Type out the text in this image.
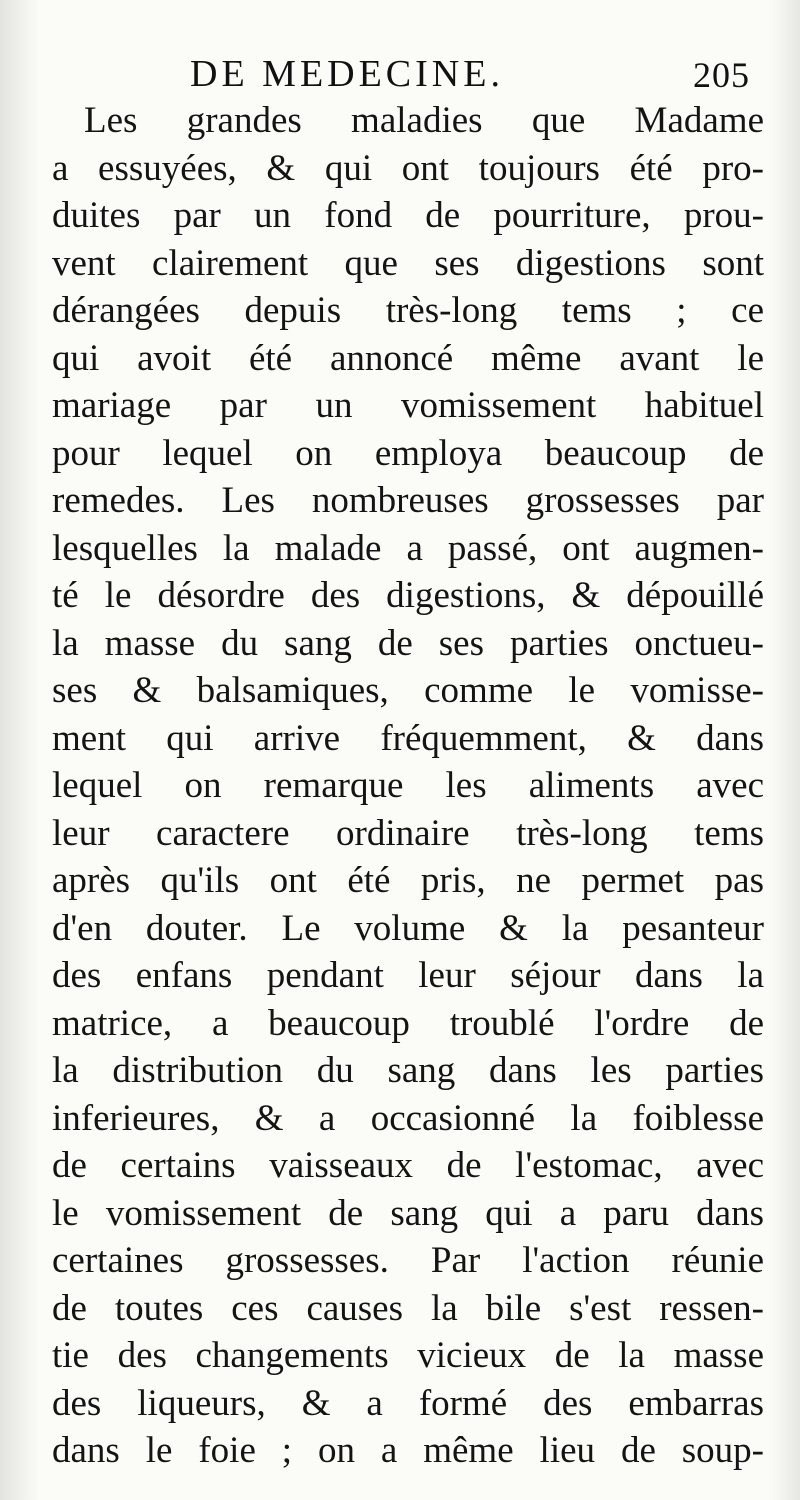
DE MEDECINE.	205
Les grandes maladies que Madame
a essuyées, & qui ont toujours été pro-
duites par un fond de pourriture, prou-
vent clairement que ses digestions sont
dérangées depuis très-long tems ; ce
qui avoit été annoncé même avant le
mariage par un vomissement habituel
pour lequel on employa beaucoup de
remedes. Les nombreuses grossesses par
lesquelles la malade a passé, ont augmen-
té le désordre des digestions, & dépouillé
la masse du sang de ses parties onctueu-
ses & balsamiques, comme le vomisse-
ment qui arrive fréquemment, & dans
lequel on remarque les aliments avec
leur caractere ordinaire très-long tems
après qu'ils ont été pris, ne permet pas
d'en douter. Le volume & la pesanteur
des enfans pendant leur séjour dans la
matrice, a beaucoup troublé l'ordre de
la distribution du sang dans les parties
inferieures, & a occasionné la foiblesse
de certains vaisseaux de l'estomac, avec
le vomissement de sang qui a paru dans
certaines grossesses. Par l'action réunie
de toutes ces causes la bile s'est ressen-
tie des changements vicieux de la masse
des liqueurs, & a formé des embarras
dans le foie ; on a même lieu de soup-
